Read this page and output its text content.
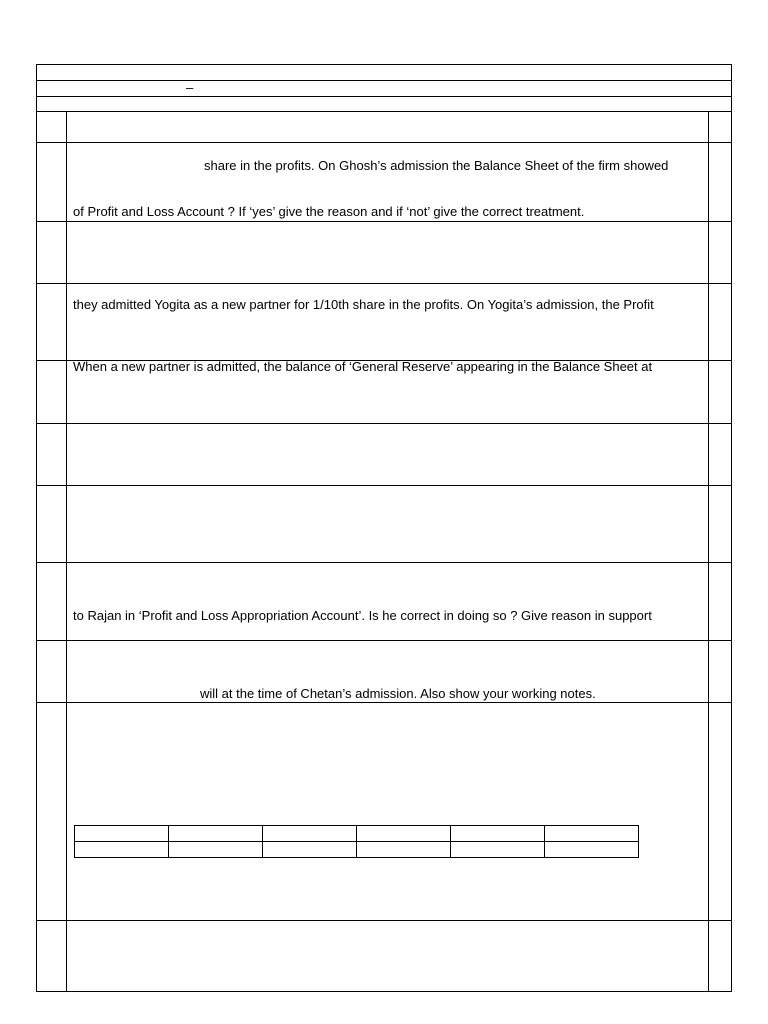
–
share in the profits. On Ghosh’s admission the Balance Sheet of the firm showed
of Profit and Loss Account ? If ‘yes’ give the reason and if ‘not’ give the correct treatment.
they admitted Yogita as a new partner for 1/10th share in the profits. On Yogita’s admission, the Profit
When a new partner is admitted, the balance of ‘General Reserve’ appearing in the Balance Sheet at
to Rajan in ‘Profit and Loss Appropriation Account’. Is he correct in doing so ? Give reason in support
will at the time of Chetan’s admission. Also show your working notes.
